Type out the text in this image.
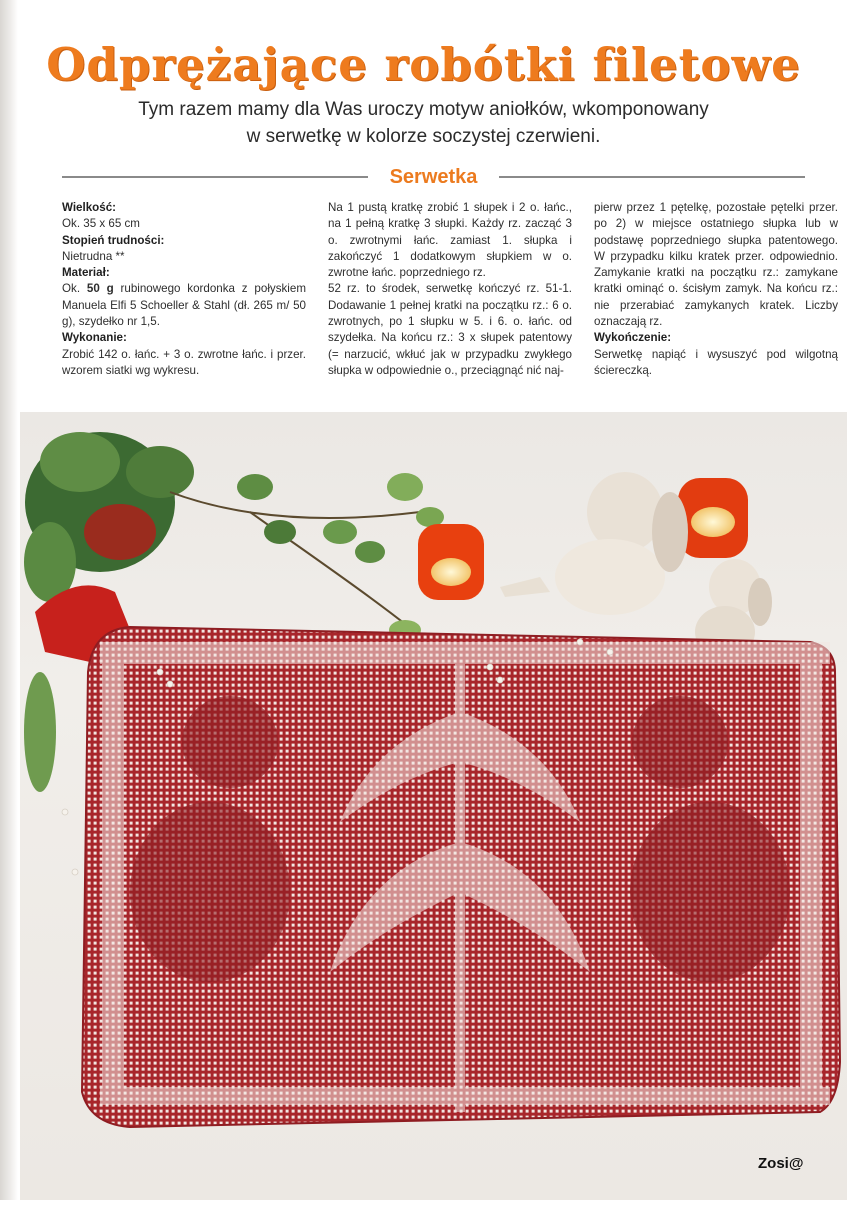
Odprężające robótki filetowe
Tym razem mamy dla Was uroczy motyw aniołków, wkomponowany
w serwetkę w kolorze soczystej czerwieni.
Serwetka

Wielkość:

Ok. 35 x 65 cm

Stopień trudności:

Nietrudna **

Materiał:

Ok. 50 g rubinowego kordonka z połyskiem Manuela Elfi 5 Schoeller & Stahl (dł. 265 m/ 50 g), szydełko nr 1,5.

Wykonanie:

Zrobić 142 o. łańc. + 3 o. zwrotne łańc. i przer. wzorem siatki wg wykresu.

Na 1 pustą kratkę zrobić 1 słupek i 2 o. łańc., na 1 pełną kratkę 3 słupki. Każdy rz. zacząć 3 o. zwrotnymi łańc. zamiast 1. słupka i zakończyć 1 dodatkowym słupkiem w o. zwrotne łańc. poprzedniego rz.

52 rz. to środek, serwetkę kończyć rz. 51-1. Dodawanie 1 pełnej kratki na początku rz.: 6 o. zwrotnych, po 1 słupku w 5. i 6. o. łańc. od szydełka. Na końcu rz.: 3 x słupek patentowy (= narzucić, wkłuć jak w przypadku zwykłego słupka w odpowiednie o., przeciągnąć nić naj-

pierw przez 1 pętelkę, pozostałe pętelki przer. po 2) w miejsce ostatniego słupka lub w podstawę poprzedniego słupka patentowego. W przypadku kilku kratek przer. odpowiednio. Zamykanie kratki na początku rz.: zamykane kratki ominąć o. ścisłym zamyk. Na końcu rz.: nie przerabiać zamykanych kratek. Liczby oznaczają rz.

Wykończenie:

Serwetkę napiąć i wysuszyć pod wilgotną ściereczką.

Zosi@
